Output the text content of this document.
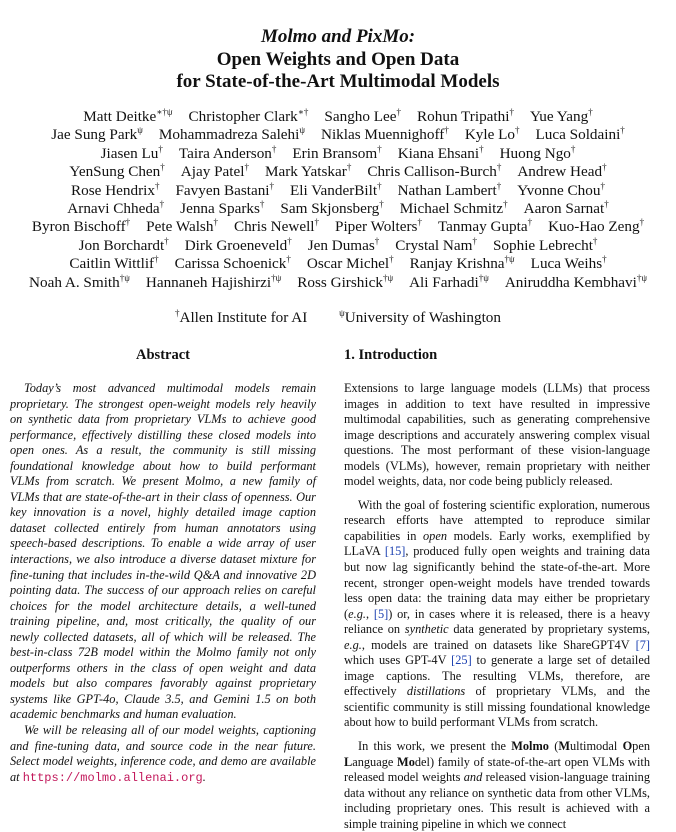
Molmo and PixMo:

Open Weights and Open Data

for State-of-the-Art Multimodal Models

Matt Deitke$^{∗\dagger\psi}$ Christopher Clark∗† Sangho Lee† Rohun Tripathi† Yue Yang†
Jae Sung Park$^\psi$ Mohammadreza Salehi$^\psi$ Niklas Muennighoff† Kyle Lo† Luca Soldaini†
Jiasen Lu† Taira Anderson† Erin Bransom† Kiana Ehsani† Huong Ngo†
YenSung Chen† Ajay Patel† Mark Yatskar† Chris Callison-Burch† Andrew Head†
Rose Hendrix† Favyen Bastani† Eli VanderBilt† Nathan Lambert† Yvonne Chou†
Arnavi Chheda† Jenna Sparks† Sam Skjonsberg† Michael Schmitz† Aaron Sarnat†
Byron Bischoff† Pete Walsh† Chris Newell† Piper Wolters† Tanmay Gupta† Kuo-Hao Zeng†
Jon Borchardt† Dirk Groeneveld† Jen Dumas† Crystal Nam† Sophie Lebrecht†
Caitlin Wittlif† Carissa Schoenick† Oscar Michel† Ranjay Krishna$^{\dagger\psi}$ Luca Weihs†
Noah A. Smith$^{\dagger\psi}$ Hannaneh Hajishirzi$^{\dagger\psi}$ Ross Girshick$^{\dagger\psi}$ Ali Farhadi$^{\dagger\psi}$ Aniruddha Kembhavi$^{\dagger\psi}$
†Allen Institute for AI	$^\psi$University of Washington
Abstract

Today’s most advanced multimodal models remain proprietary. The strongest open-weight models rely heavily on synthetic data from proprietary VLMs to achieve good performance, effectively distilling these closed models into open ones. As a result, the community is still missing foundational knowledge about how to build performant VLMs from scratch. We present Molmo, a new family of VLMs that are state-of-the-art in their class of openness. Our key innovation is a novel, highly detailed image caption dataset collected entirely from human annotators using speech-based descriptions. To enable a wide array of user interactions, we also introduce a diverse dataset mixture for fine-tuning that includes in-the-wild Q&A and innovative 2D pointing data. The success of our approach relies on careful choices for the model architecture details, a well-tuned training pipeline, and, most critically, the quality of our newly collected datasets, all of which will be released. The best-in-class 72B model within the Molmo family not only outperforms others in the class of open weight and data models but also compares favorably against proprietary systems like GPT-4o, Claude 3.5, and Gemini 1.5 on both academic benchmarks and human evaluation.

We will be releasing all of our model weights, captioning and fine-tuning data, and source code in the near future. Select model weights, inference code, and demo are available at https://molmo.allenai.org.

1. Introduction

Extensions to large language models (LLMs) that process images in addition to text have resulted in impressive multimodal capabilities, such as generating comprehensive image descriptions and accurately answering complex visual questions. The most performant of these vision-language models (VLMs), however, remain proprietary with neither model weights, data, nor code being publicly released.

With the goal of fostering scientific exploration, numerous research efforts have attempted to reproduce similar capabilities in open models. Early works, exemplified by LLaVA [15], produced fully open weights and training data but now lag significantly behind the state-of-the-art. More recent, stronger open-weight models have trended towards less open data: the training data may either be proprietary (e.g., [5]) or, in cases where it is released, there is a heavy reliance on synthetic data generated by proprietary systems, e.g., models are trained on datasets like ShareGPT4V [7] which uses GPT-4V [25] to generate a large set of detailed image captions. The resulting VLMs, therefore, are effectively distillations of proprietary VLMs, and the scientific community is still missing foundational knowledge about how to build performant VLMs from scratch.

In this work, we present the Molmo (Multimodal Open Language Model) family of state-of-the-art open VLMs with released model weights and released vision-language training data without any reliance on synthetic data from other VLMs, including proprietary ones. This result is achieved with a simple training pipeline in which we connect
